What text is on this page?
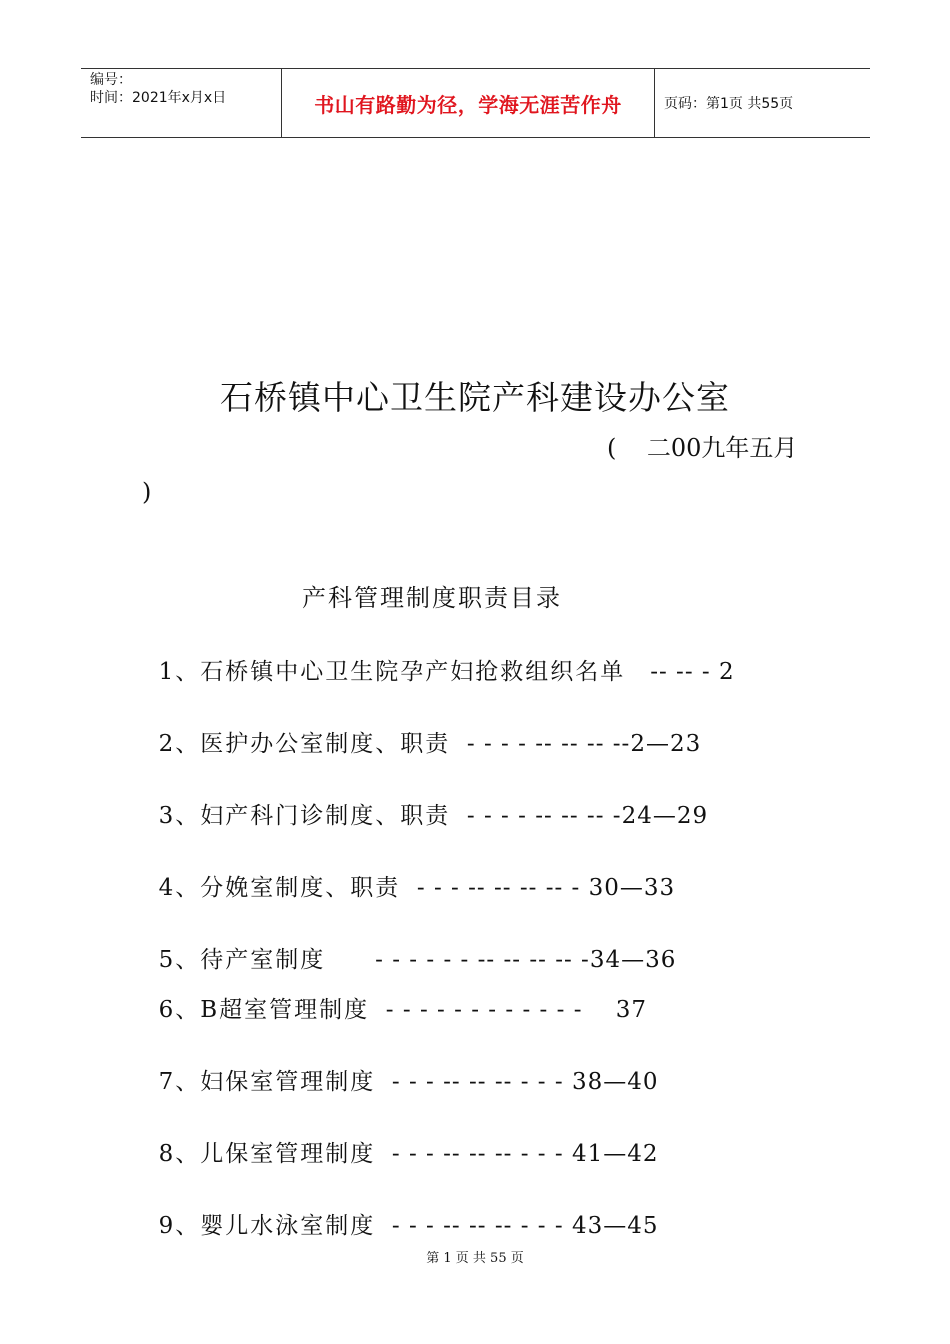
编号：
时间：2021年x月x日	书山有路勤为径，学海无涯苦作舟	页码：第1页 共55页
石桥镇中心卫生院产科建设办公室
(    二00九年五月
)
产科管理制度职责目录

1、石桥镇中心卫生院孕产妇抢救组织名单   -- -- - 2

2、医护办公室制度、职责  - - - - -- -- -- --2—23

3、妇产科门诊制度、职责  - - - - -- -- -- -24—29

4、分娩室制度、职责  - - - -- -- -- -- - 30—33

5、待产室制度      - - - - - - -- -- -- -- -34—36

6、B超室管理制度  - - - - - - - - - - - -    37

7、妇保室管理制度  - - - -- -- -- - - - 38—40

8、儿保室管理制度  - - - -- -- -- - - - 41—42

9、婴儿水泳室制度  - - - -- -- -- - - - 43—45

第 1 页 共 55 页
